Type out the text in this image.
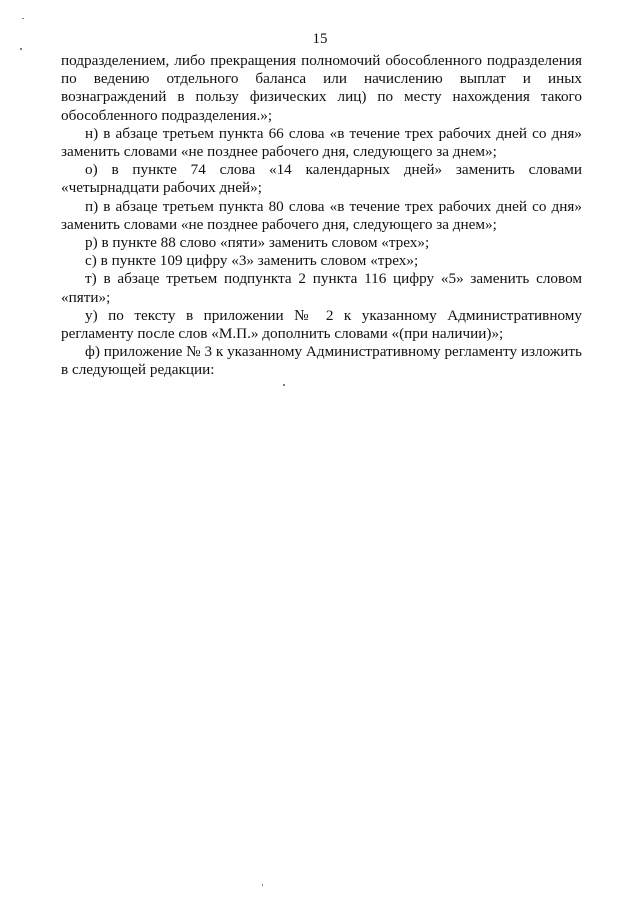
15

подразделением, либо прекращения полномочий обособленного подразделения по ведению отдельного баланса или начислению выплат и иных вознаграждений в пользу физических лиц) по месту нахождения такого обособленного подразделения.»;

н) в абзаце третьем пункта 66 слова «в течение трех рабочих дней со дня» заменить словами «не позднее рабочего дня, следующего за днем»;

о) в пункте 74 слова «14 календарных дней» заменить словами «четырнадцати рабочих дней»;

п) в абзаце третьем пункта 80 слова «в течение трех рабочих дней со дня» заменить словами «не позднее рабочего дня, следующего за днем»;

р) в пункте 88 слово «пяти» заменить словом «трех»;

с) в пункте 109 цифру «3» заменить словом «трех»;

т) в абзаце третьем подпункта 2 пункта 116 цифру «5» заменить словом «пяти»;

у) по тексту в приложении № 2 к указанному Административному регламенту после слов «М.П.» дополнить словами «(при наличии)»;

ф) приложение № 3 к указанному Административному регламенту изложить в следующей редакции:
